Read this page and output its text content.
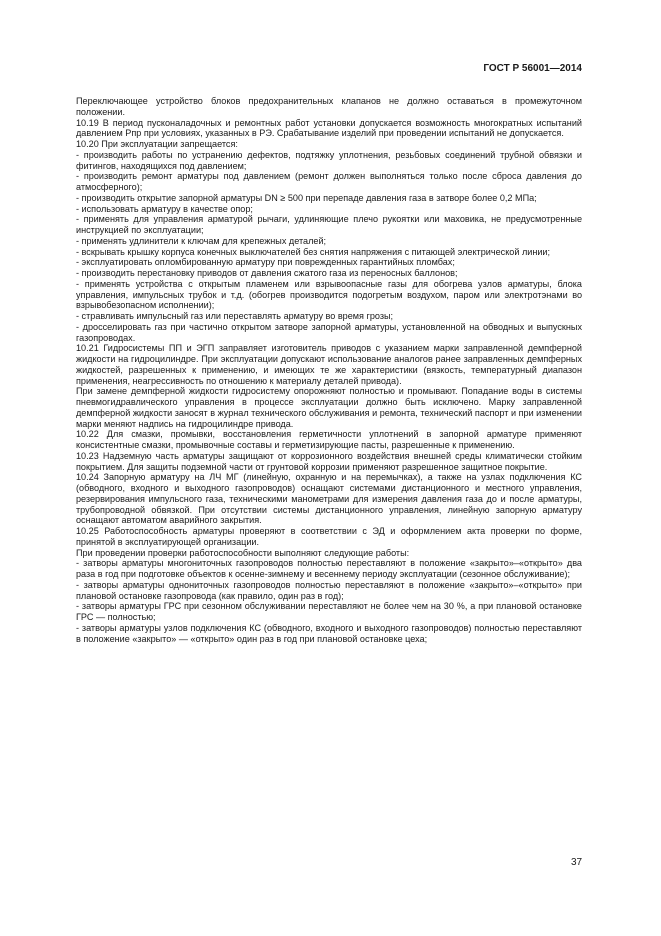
ГОСТ Р 56001—2014

Переключающее устройство блоков предохранительных клапанов не должно оставаться в промежуточном положении.

10.19 В период пусконаладочных и ремонтных работ установки допускается возможность многократных испытаний давлением Pпр при условиях, указанных в РЭ. Срабатывание изделий при проведении испытаний не допускается.

10.20 При эксплуатации запрещается:

- производить работы по устранению дефектов, подтяжку уплотнения, резьбовых соединений трубной обвязки и фитингов, находящихся под давлением;

- производить ремонт арматуры под давлением (ремонт должен выполняться только после сброса давления до атмосферного);

- производить открытие запорной арматуры DN ≥ 500 при перепаде давления газа в затворе более 0,2 МПа;

- использовать арматуру в качестве опор;

- применять для управления арматурой рычаги, удлиняющие плечо рукоятки или маховика, не предусмотренные инструкцией по эксплуатации;

- применять удлинители к ключам для крепежных деталей;

- вскрывать крышку корпуса конечных выключателей без снятия напряжения с питающей электрической линии;

- эксплуатировать опломбированную арматуру при поврежденных гарантийных пломбах;

- производить перестановку приводов от давления сжатого газа из переносных баллонов;

- применять устройства с открытым пламенем или взрывоопасные газы для обогрева узлов арматуры, блока управления, импульсных трубок и т.д. (обогрев производится подогретым воздухом, паром или электротэнами во взрывобезопасном исполнении);

- стравливать импульсный газ или переставлять арматуру во время грозы;

- дросселировать газ при частично открытом затворе запорной арматуры, установленной на обводных и выпускных газопроводах.

10.21 Гидросистемы ПП и ЭГП заправляет изготовитель приводов с указанием марки заправленной демпферной жидкости на гидроцилиндре. При эксплуатации допускают использование аналогов ранее заправленных демпферных жидкостей, разрешенных к применению, и имеющих те же характеристики (вязкость, температурный диапазон применения, неагрессивность по отношению к материалу деталей привода).

При замене демпферной жидкости гидросистему опорожняют полностью и промывают. Попадание воды в системы пневмогидравлического управления в процессе эксплуатации должно быть исключено. Марку заправленной демпферной жидкости заносят в журнал технического обслуживания и ремонта, технический паспорт и при изменении марки меняют надпись на гидроцилиндре привода.

10.22 Для смазки, промывки, восстановления герметичности уплотнений в запорной арматуре применяют консистентные смазки, промывочные составы и герметизирующие пасты, разрешенные к применению.

10.23 Надземную часть арматуры защищают от коррозионного воздействия внешней среды климатически стойким покрытием. Для защиты подземной части от грунтовой коррозии применяют разрешенное защитное покрытие.

10.24 Запорную арматуру на ЛЧ МГ (линейную, охранную и на перемычках), а также на узлах подключения КС (обводного, входного и выходного газопроводов) оснащают системами дистанционного и местного управления, резервирования импульсного газа, техническими манометрами для измерения давления газа до и после арматуры, трубопроводной обвязкой. При отсутствии системы дистанционного управления, линейную запорную арматуру оснащают автоматом аварийного закрытия.

10.25 Работоспособность арматуры проверяют в соответствии с ЭД и оформлением акта проверки по форме, принятой в эксплуатирующей организации.

При проведении проверки работоспособности выполняют следующие работы:

- затворы арматуры многониточных газопроводов полностью переставляют в положение «закрыто»–«открыто» два раза в год при подготовке объектов к осенне-зимнему и весеннему периоду эксплуатации (сезонное обслуживание);

- затворы арматуры однониточных газопроводов полностью переставляют в положение «закрыто»–«открыто» при плановой остановке газопровода (как правило, один раз в год);

- затворы арматуры ГРС при сезонном обслуживании переставляют не более чем на 30 %, а при плановой остановке ГРС — полностью;

- затворы арматуры узлов подключения КС (обводного, входного и выходного газопроводов) полностью переставляют в положение «закрыто» — «открыто» один раз в год при плановой остановке цеха;

37
